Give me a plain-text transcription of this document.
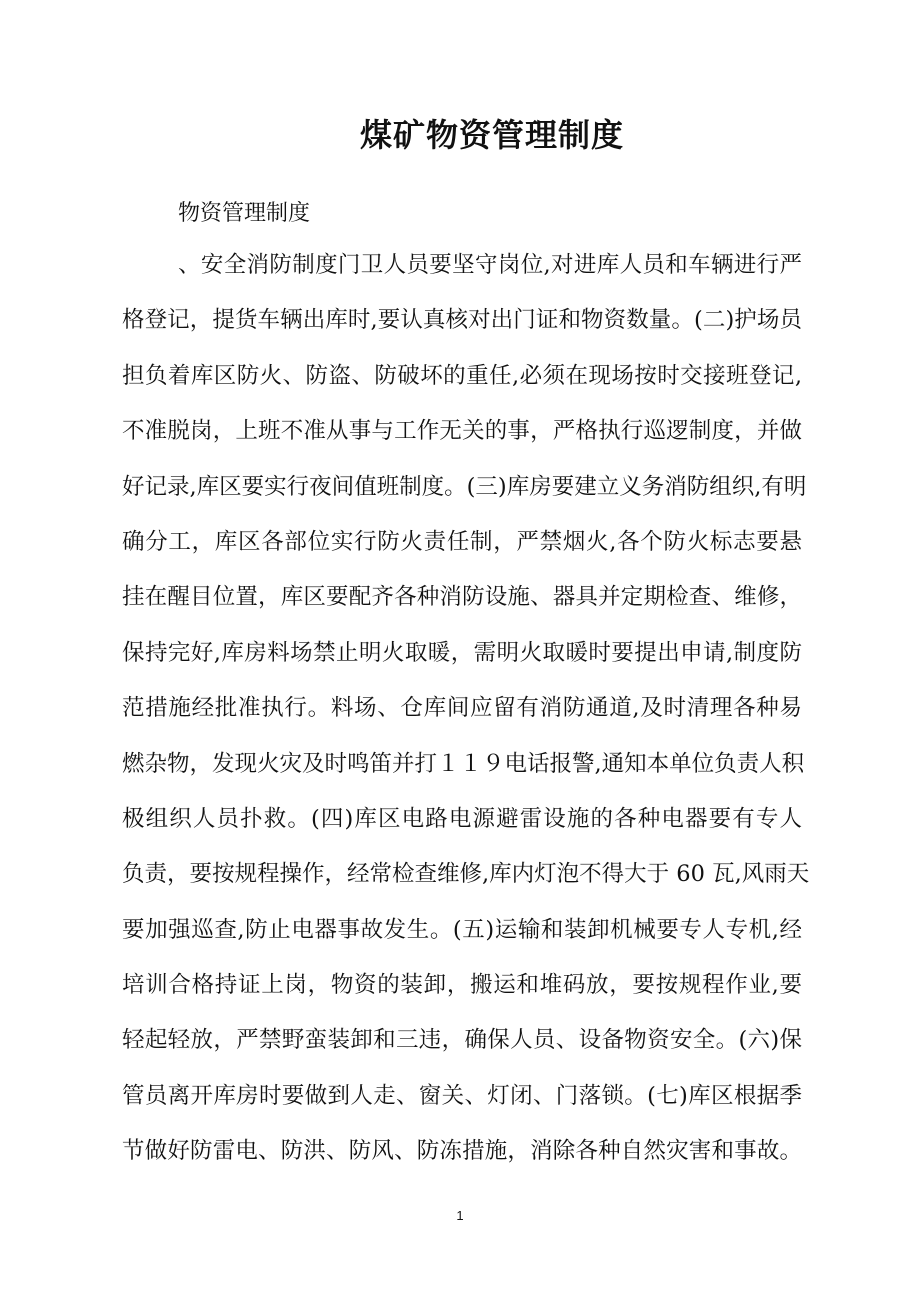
煤矿物资管理制度
物资管理制度
、安全消防制度门卫人员要坚守岗位,对进库人员和车辆进行严
格登记，提货车辆出库时,要认真核对出门证和物资数量。(二)护场员
担负着库区防火、防盗、防破坏的重任,必须在现场按时交接班登记,
不准脱岗，上班不准从事与工作无关的事，严格执行巡逻制度，并做
好记录,库区要实行夜间值班制度。(三)库房要建立义务消防组织,有明
确分工，库区各部位实行防火责任制，严禁烟火,各个防火标志要悬
挂在醒目位置，库区要配齐各种消防设施、器具并定期检查、维修，
保持完好,库房料场禁止明火取暖，需明火取暖时要提出申请,制度防
范措施经批准执行。料场、仓库间应留有消防通道,及时清理各种易
燃杂物，发现火灾及时鸣笛并打１１９电话报警,通知本单位负责人积
极组织人员扑救。(四)库区电路电源避雷设施的各种电器要有专人
负责，要按规程操作，经常检查维修,库内灯泡不得大于 60 瓦,风雨天
要加强巡查,防止电器事故发生。(五)运输和装卸机械要专人专机,经
培训合格持证上岗，物资的装卸，搬运和堆码放，要按规程作业,要
轻起轻放，严禁野蛮装卸和三违，确保人员、设备物资安全。(六)保
管员离开库房时要做到人走、窗关、灯闭、门落锁。(七)库区根据季
节做好防雷电、防洪、防风、防冻措施，消除各种自然灾害和事故。
1
